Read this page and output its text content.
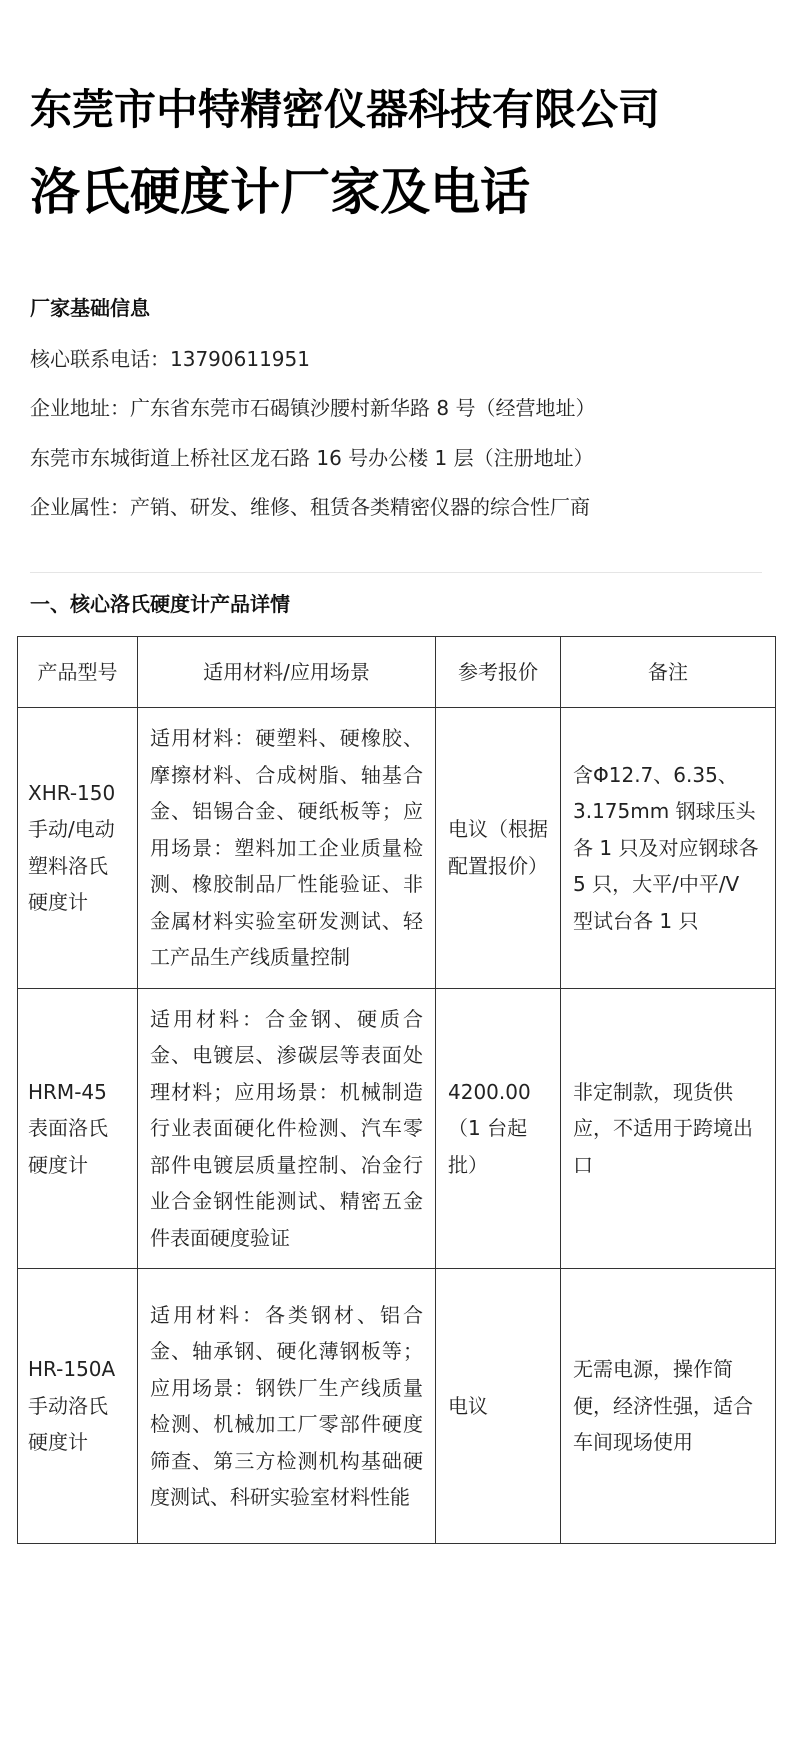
东莞市中特精密仪器科技有限公司
洛氏硬度计厂家及电话
厂家基础信息

核心联系电话：13790611951

企业地址：广东省东莞市石碣镇沙腰村新华路 8 号（经营地址）

东莞市东城街道上桥社区龙石路 16 号办公楼 1 层（注册地址）

企业属性：产销、研发、维修、租赁各类精密仪器的综合性厂商

一、核心洛氏硬度计产品详情
产品型号	适用材料/应用场景	参考报价	备注
XHR-150 手动/电动塑料洛氏硬度计	适用材料：硬塑料、硬橡胶、摩擦材料、合成树脂、轴基合金、铝锡合金、硬纸板等；应用场景：塑料加工企业质量检测、橡胶制品厂性能验证、非金属材料实验室研发测试、轻工产品生产线质量控制	电议（根据配置报价）	含Φ12.7、6.35、3.175mm 钢球压头各 1 只及对应钢球各 5 只，大平/中平/V 型试台各 1 只
HRM-45 表面洛氏硬度计	适用材料：合金钢、硬质合金、电镀层、渗碳层等表面处理材料；应用场景：机械制造行业表面硬化件检测、汽车零部件电镀层质量控制、冶金行业合金钢性能测试、精密五金件表面硬度验证	4200.00（1 台起批）	非定制款，现货供应，不适用于跨境出口
HR-150A 手动洛氏硬度计	适用材料：各类钢材、铝合金、轴承钢、硬化薄钢板等；应用场景：钢铁厂生产线质量检测、机械加工厂零部件硬度筛查、第三方检测机构基础硬度测试、科研实验室材料性能	电议	无需电源，操作简便，经济性强，适合车间现场使用
